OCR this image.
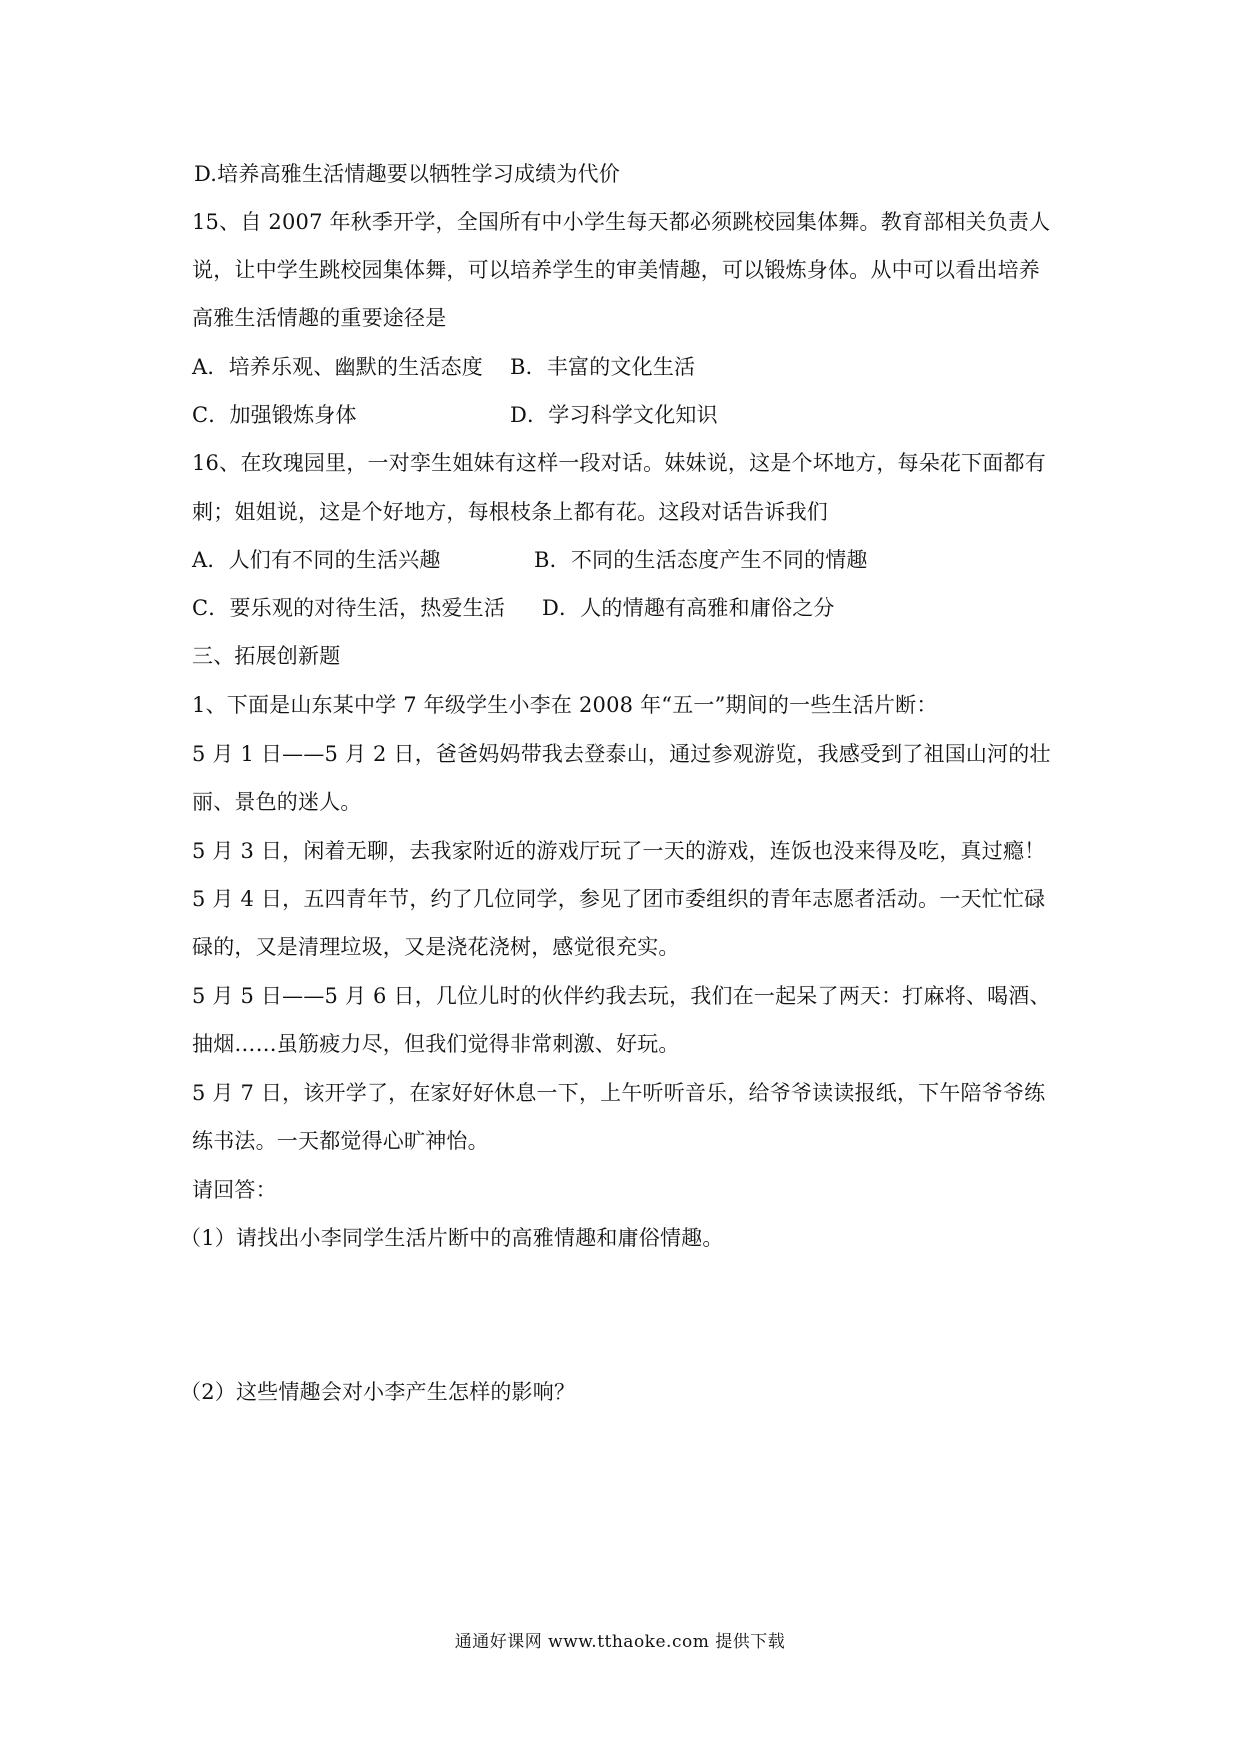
D.培养高雅生活情趣要以牺牲学习成绩为代价
15、自 2007 年秋季开学，全国所有中小学生每天都必须跳校园集体舞。教育部相关负责人
说，让中学生跳校园集体舞，可以培养学生的审美情趣，可以锻炼身体。从中可以看出培养
高雅生活情趣的重要途径是
A．培养乐观、幽默的生活态度 B．丰富的文化生活
C．加强锻炼身体	D．学习科学文化知识
16、在玫瑰园里，一对孪生姐妹有这样一段对话。妹妹说，这是个坏地方，每朵花下面都有
刺；姐姐说，这是个好地方，每根枝条上都有花。这段对话告诉我们
A．人们有不同的生活兴趣	B．不同的生活态度产生不同的情趣
C．要乐观的对待生活，热爱生活 D．人的情趣有高雅和庸俗之分
三、拓展创新题
1、下面是山东某中学 7 年级学生小李在 2008 年“五一”期间的一些生活片断：
5 月 1 日——5 月 2 日，爸爸妈妈带我去登泰山，通过参观游览，我感受到了祖国山河的壮
丽、景色的迷人。
5 月 3 日，闲着无聊，去我家附近的游戏厅玩了一天的游戏，连饭也没来得及吃，真过瘾！
5 月 4 日，五四青年节，约了几位同学，参见了团市委组织的青年志愿者活动。一天忙忙碌
碌的，又是清理垃圾，又是浇花浇树，感觉很充实。
5 月 5 日——5 月 6 日，几位儿时的伙伴约我去玩，我们在一起呆了两天：打麻将、喝酒、
抽烟……虽筋疲力尽，但我们觉得非常刺激、好玩。
5 月 7 日，该开学了，在家好好休息一下，上午听听音乐，给爷爷读读报纸，下午陪爷爷练
练书法。一天都觉得心旷神怡。
请回答：
（1）请找出小李同学生活片断中的高雅情趣和庸俗情趣。
（2）这些情趣会对小李产生怎样的影响？
通通好课网 www.tthaoke.com 提供下载
